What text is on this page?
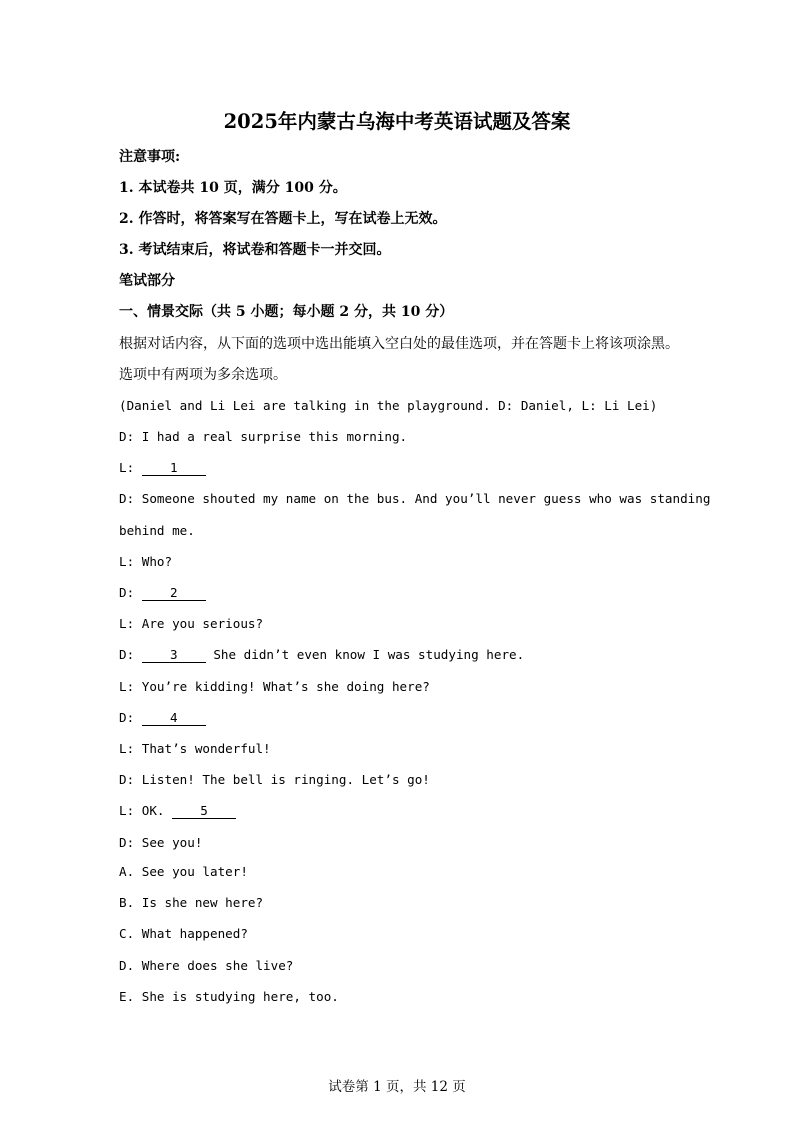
2025年内蒙古乌海中考英语试题及答案
注意事项:
1. 本试卷共 10 页，满分 100 分。
2. 作答时，将答案写在答题卡上，写在试卷上无效。
3. 考试结束后，将试卷和答题卡一并交回。
笔试部分
一、情景交际（共 5 小题；每小题 2 分，共 10 分）
根据对话内容，从下面的选项中选出能填入空白处的最佳选项，并在答题卡上将该项涂黑。
选项中有两项为多余选项。
(Daniel and Li Lei are talking in the playground. D: Daniel, L: Li Lei)
D: I had a real surprise this morning.
L: 1
D: Someone shouted my name on the bus. And you’ll never guess who was standing
behind me.
L: Who?
D: 2
L: Are you serious?
D: 3 She didn’t even know I was studying here.
L: You’re kidding! What’s she doing here?
D: 4
L: That’s wonderful!
D: Listen! The bell is ringing. Let’s go!
L: OK. 5
D: See you!
A. See you later!
B. Is she new here?
C. What happened?
D. Where does she live?
E. She is studying here, too.
试卷第 1 页，共 12 页
